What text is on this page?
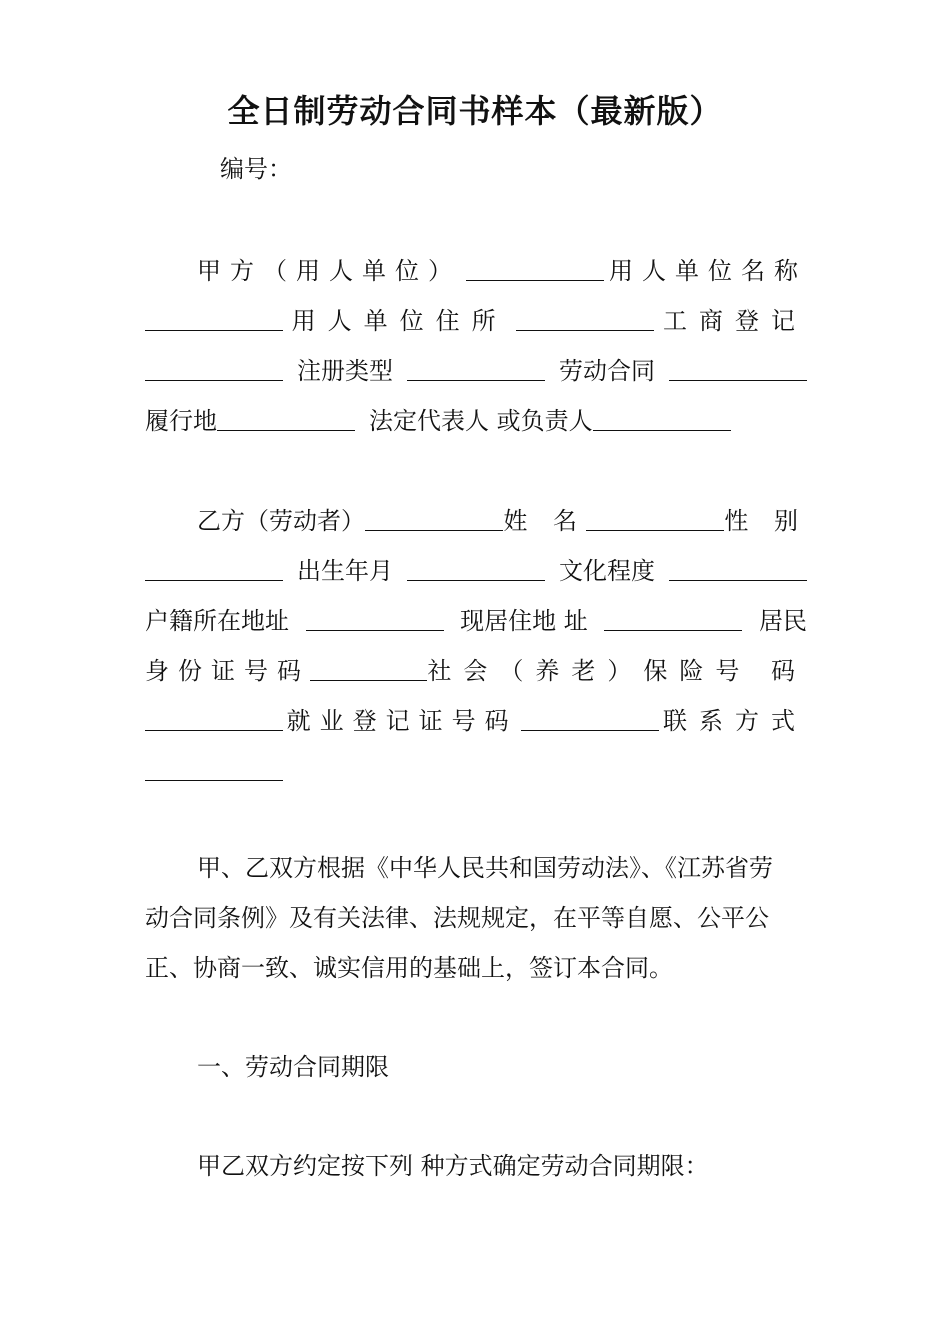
全日制劳动合同书样本（最新版）
编号：
甲方（用人单位）	用人单位名称
用人单位住所	工商登记
注册类型	劳动合同
履行地	法定代表人 或负责人
乙方（劳动者）	姓 名	性 别
出生年月	文化程度
户籍所在地址	现居住地 址	居民
身份证号码	社会（养老）保险号 码
就业登记证号码	联系方式
甲、乙双方根据《中华人民共和国劳动法》、《江苏省劳
动合同条例》及有关法律、法规规定，在平等自愿、公平公
正、协商一致、诚实信用的基础上，签订本合同。
一、劳动合同期限
甲乙双方约定按下列 种方式确定劳动合同期限：
